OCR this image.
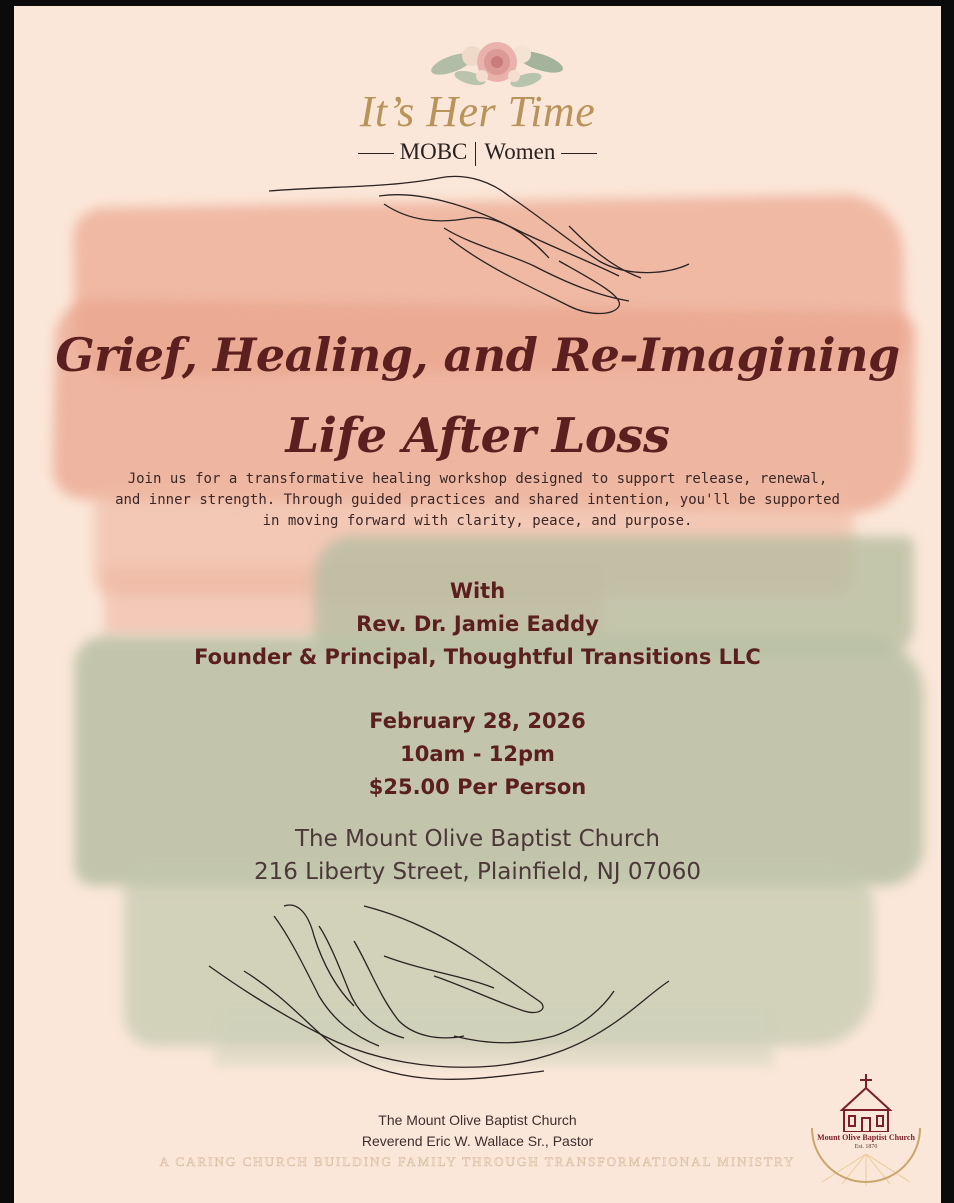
It’s Her Time
MOBC Women
Grief, Healing, and Re-Imagining
Life After Loss
Join us for a transformative healing workshop designed to support release, renewal, and inner strength. Through guided practices and shared intention, you'll be supported in moving forward with clarity, peace, and purpose.
With
Rev. Dr. Jamie Eaddy
Founder & Principal, Thoughtful Transitions LLC
February 28, 2026
10am - 12pm
$25.00 Per Person
The Mount Olive Baptist Church
216 Liberty Street, Plainfield, NJ 07060
The Mount Olive Baptist Church
Reverend Eric W. Wallace Sr., Pastor
A CARING CHURCH BUILDING FAMILY THROUGH TRANSFORMATIONAL MINISTRY
Mount Olive Baptist Church
Est. 1870
